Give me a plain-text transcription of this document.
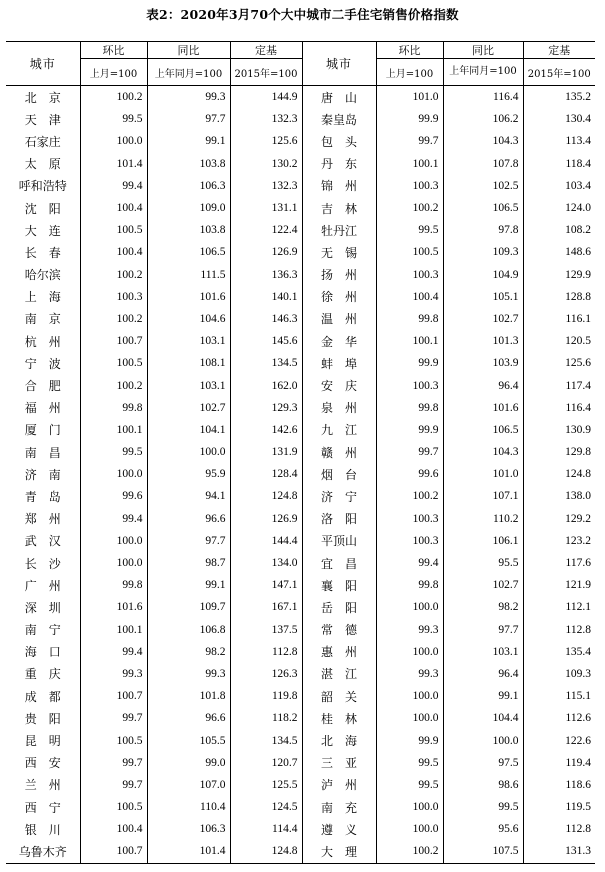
表2：2020年3月70个大中城市二手住宅销售价格指数
城市	环比	同比	定基	城市	环比	同比	定基
	上月=100	上年同月=100	2015年=100		上月=100	上年同月=100	2015年=100
北　京	100.2	99.3	144.9	唐　山	101.0	116.4	135.2
天　津	99.5	97.7	132.3	秦皇岛	99.9	106.2	130.4
石家庄	100.0	99.1	125.6	包　头	99.7	104.3	113.4
太　原	101.4	103.8	130.2	丹　东	100.1	107.8	118.4
呼和浩特	99.4	106.3	132.3	锦　州	100.3	102.5	103.4
沈　阳	100.4	109.0	131.1	吉　林	100.2	106.5	124.0
大　连	100.5	103.8	122.4	牡丹江	99.5	97.8	108.2
长　春	100.4	106.5	126.9	无　锡	100.5	109.3	148.6
哈尔滨	100.2	111.5	136.3	扬　州	100.3	104.9	129.9
上　海	100.3	101.6	140.1	徐　州	100.4	105.1	128.8
南　京	100.2	104.6	146.3	温　州	99.8	102.7	116.1
杭　州	100.7	103.1	145.6	金　华	100.1	101.3	120.5
宁　波	100.5	108.1	134.5	蚌　埠	99.9	103.9	125.6
合　肥	100.2	103.1	162.0	安　庆	100.3	96.4	117.4
福　州	99.8	102.7	129.3	泉　州	99.8	101.6	116.4
厦　门	100.1	104.1	142.6	九　江	99.9	106.5	130.9
南　昌	99.5	100.0	131.9	赣　州	99.7	104.3	129.8
济　南	100.0	95.9	128.4	烟　台	99.6	101.0	124.8
青　岛	99.6	94.1	124.8	济　宁	100.2	107.1	138.0
郑　州	99.4	96.6	126.9	洛　阳	100.3	110.2	129.2
武　汉	100.0	97.7	144.4	平顶山	100.3	106.1	123.2
长　沙	100.0	98.7	134.0	宜　昌	99.4	95.5	117.6
广　州	99.8	99.1	147.1	襄　阳	99.8	102.7	121.9
深　圳	101.6	109.7	167.1	岳　阳	100.0	98.2	112.1
南　宁	100.1	106.8	137.5	常　德	99.3	97.7	112.8
海　口	99.4	98.2	112.8	惠　州	100.0	103.1	135.4
重　庆	99.3	99.3	126.3	湛　江	99.3	96.4	109.3
成　都	100.7	101.8	119.8	韶　关	100.0	99.1	115.1
贵　阳	99.7	96.6	118.2	桂　林	100.0	104.4	112.6
昆　明	100.5	105.5	134.5	北　海	99.9	100.0	122.6
西　安	99.7	99.0	120.7	三　亚	99.5	97.5	119.4
兰　州	99.7	107.0	125.5	泸　州	99.5	98.6	118.6
西　宁	100.5	110.4	124.5	南　充	100.0	99.5	119.5
银　川	100.4	106.3	114.4	遵　义	100.0	95.6	112.8
乌鲁木齐	100.7	101.4	124.8	大　理	100.2	107.5	131.3
